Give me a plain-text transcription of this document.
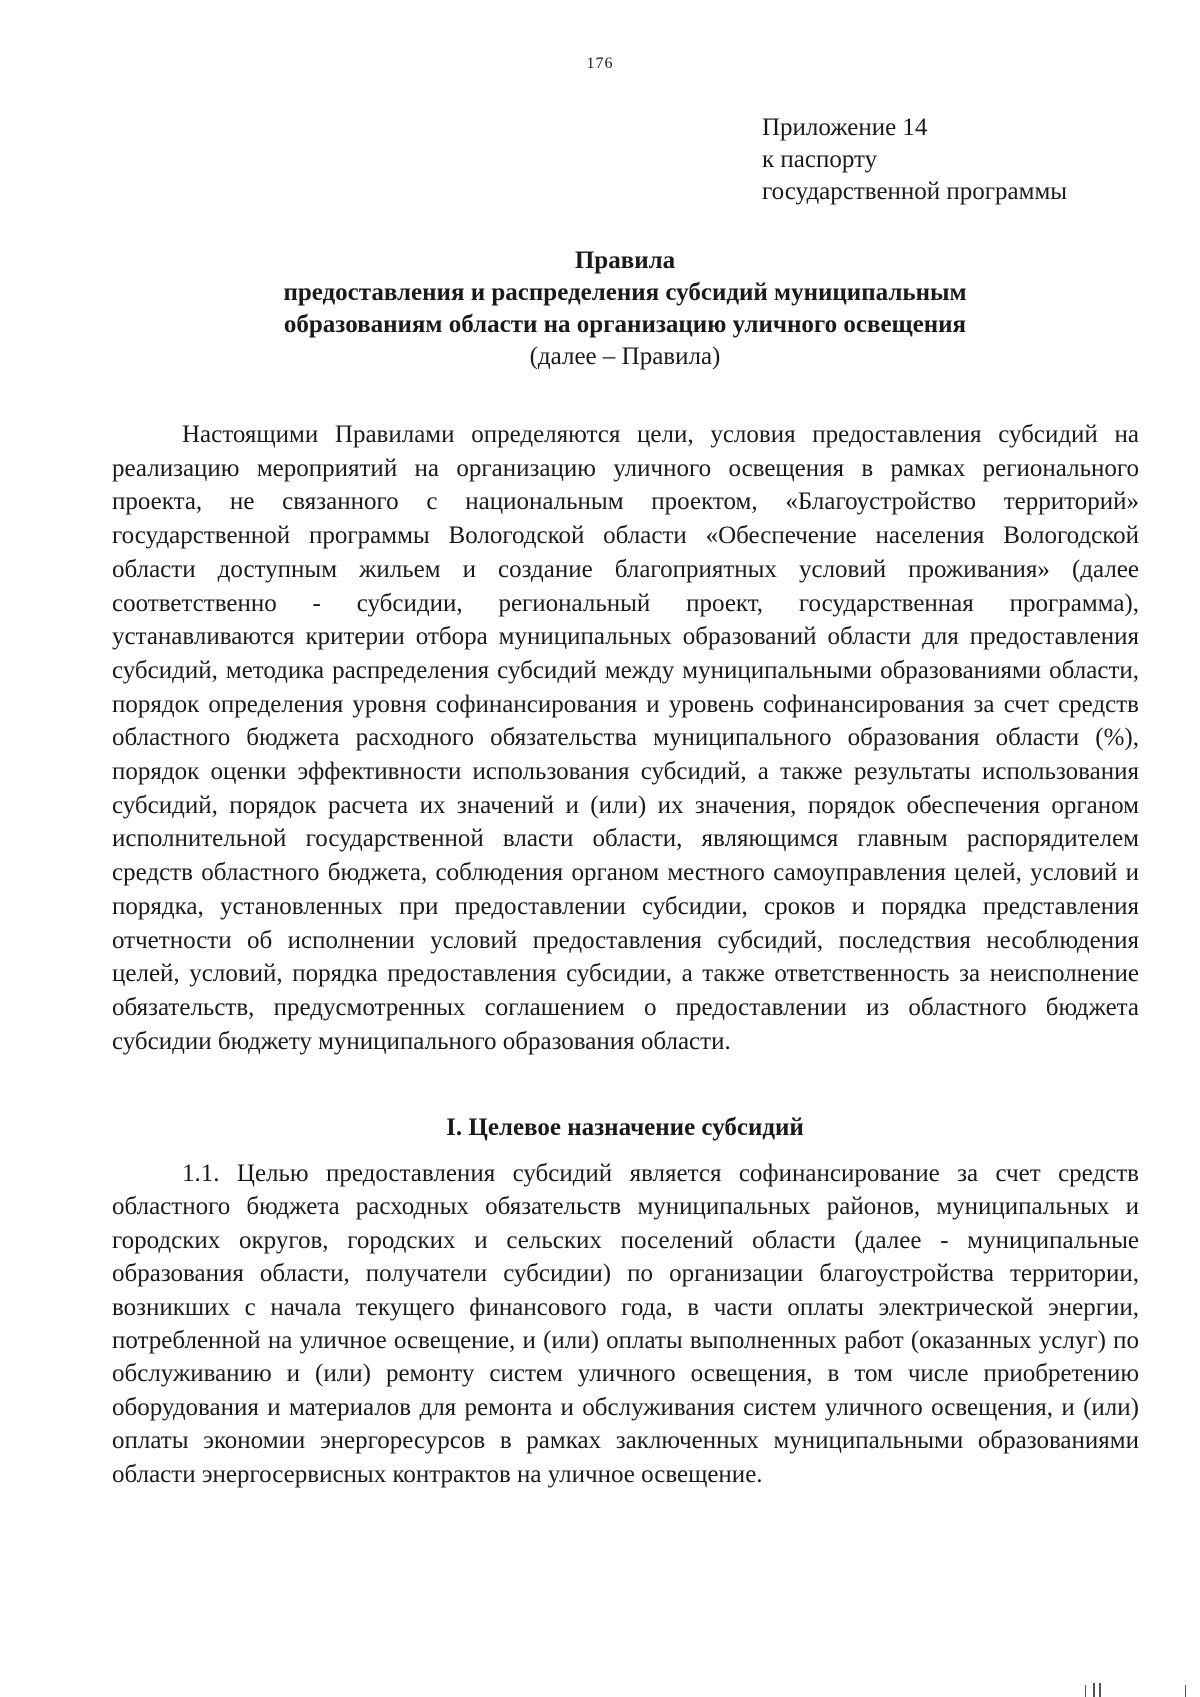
176
Приложение 14
к паспорту
государственной программы
Правила
предоставления и распределения субсидий муниципальным
образованиям области на организацию уличного освещения
(далее – Правила)

Настоящими Правилами определяются цели, условия предоставления субсидий на реализацию мероприятий на организацию уличного освещения в рамках регионального проекта, не связанного с национальным проектом, «Благоустройство территорий» государственной программы Вологодской области «Обеспечение населения Вологодской области доступным жильем и создание благоприятных условий проживания» (далее соответственно - субсидии, региональный проект, государственная программа), устанавливаются критерии отбора муниципальных образований области для предоставления субсидий, методика распределения субсидий между муниципальными образованиями области, порядок определения уровня софинансирования и уровень софинансирования за счет средств областного бюджета расходного обязательства муниципального образования области (%), порядок оценки эффективности использования субсидий, а также результаты использования субсидий, порядок расчета их значений и (или) их значения, порядок обеспечения органом исполнительной государственной власти области, являющимся главным распорядителем средств областного бюджета, соблюдения органом местного самоуправления целей, условий и порядка, установленных при предоставлении субсидии, сроков и порядка представления отчетности об исполнении условий предоставления субсидий, последствия несоблюдения целей, условий, порядка предоставления субсидии, а также ответственность за неисполнение обязательств, предусмотренных соглашением о предоставлении из областного бюджета субсидии бюджету муниципального образования области.

I. Целевое назначение субсидий

1.1. Целью предоставления субсидий является софинансирование за счет средств областного бюджета расходных обязательств муниципальных районов, муниципальных и городских округов, городских и сельских поселений области (далее - муниципальные образования области, получатели субсидии) по организации благоустройства территории, возникших с начала текущего финансового года, в части оплаты электрической энергии, потребленной на уличное освещение, и (или) оплаты выполненных работ (оказанных услуг) по обслуживанию и (или) ремонту систем уличного освещения, в том числе приобретению оборудования и материалов для ремонта и обслуживания систем уличного освещения, и (или) оплаты экономии энергоресурсов в рамках заключенных муниципальными образованиями области энергосервисных контрактов на уличное освещение.
